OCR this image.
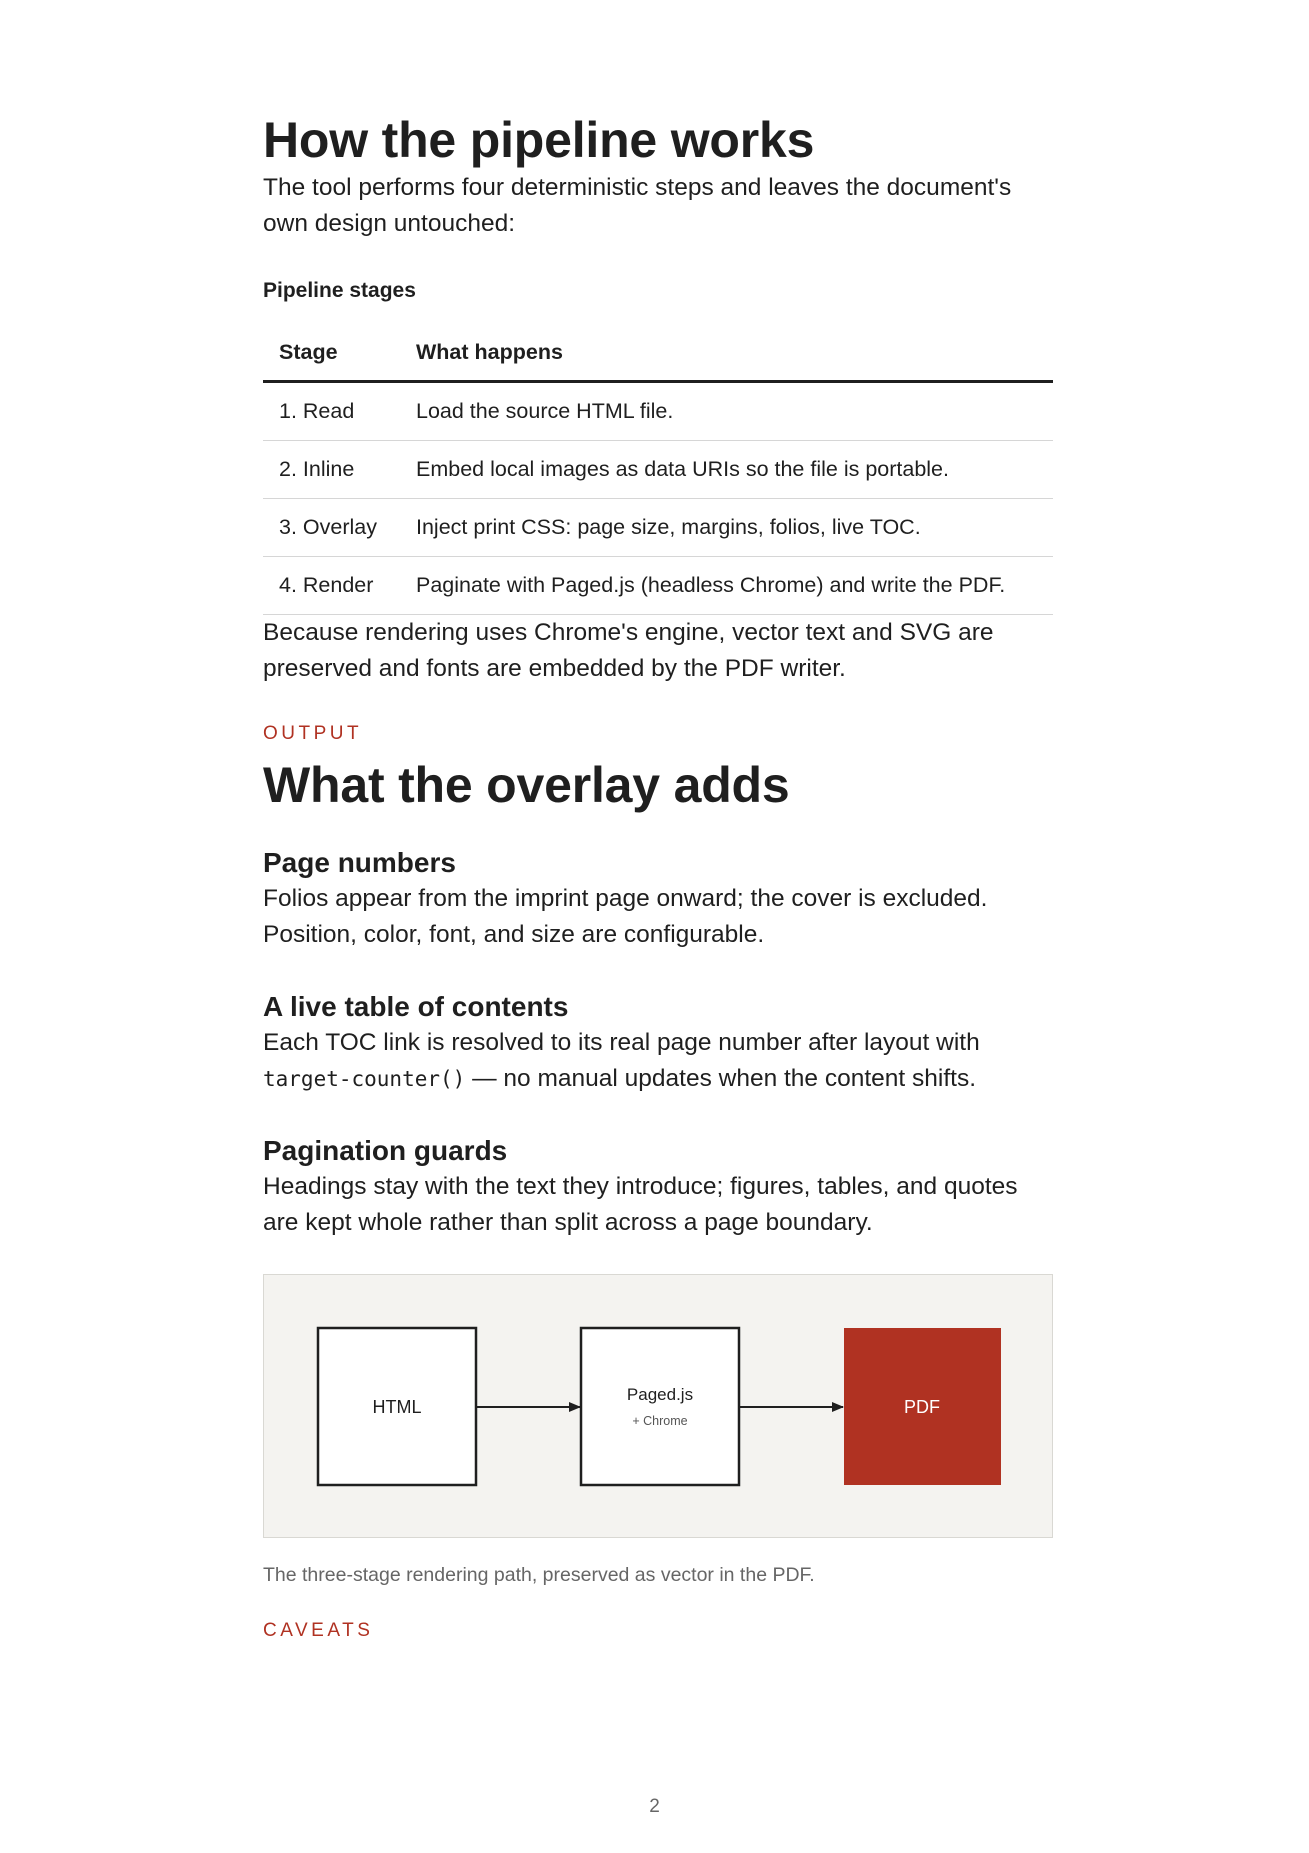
How the pipeline works

The tool performs four deterministic steps and leaves the document's own design untouched:

Pipeline stages
Stage	What happens
1. Read	Load the source HTML file.
2. Inline	Embed local images as data URIs so the file is portable.
3. Overlay	Inject print CSS: page size, margins, folios, live TOC.
4. Render	Paginate with Paged.js (headless Chrome) and write the PDF.

Because rendering uses Chrome's engine, vector text and SVG are preserved and fonts are embedded by the PDF writer.

OUTPUT
What the overlay adds
Page numbers

Folios appear from the imprint page onward; the cover is excluded. Position, color, font, and size are configurable.

A live table of contents

Each TOC link is resolved to its real page number after layout with target-counter() — no manual updates when the content shifts.

Pagination guards

Headings stay with the text they introduce; figures, tables, and quotes are kept whole rather than split across a page boundary.

HTML
Paged.js
+ Chrome
PDF
The three-stage rendering path, preserved as vector in the PDF.
CAVEATS
2
